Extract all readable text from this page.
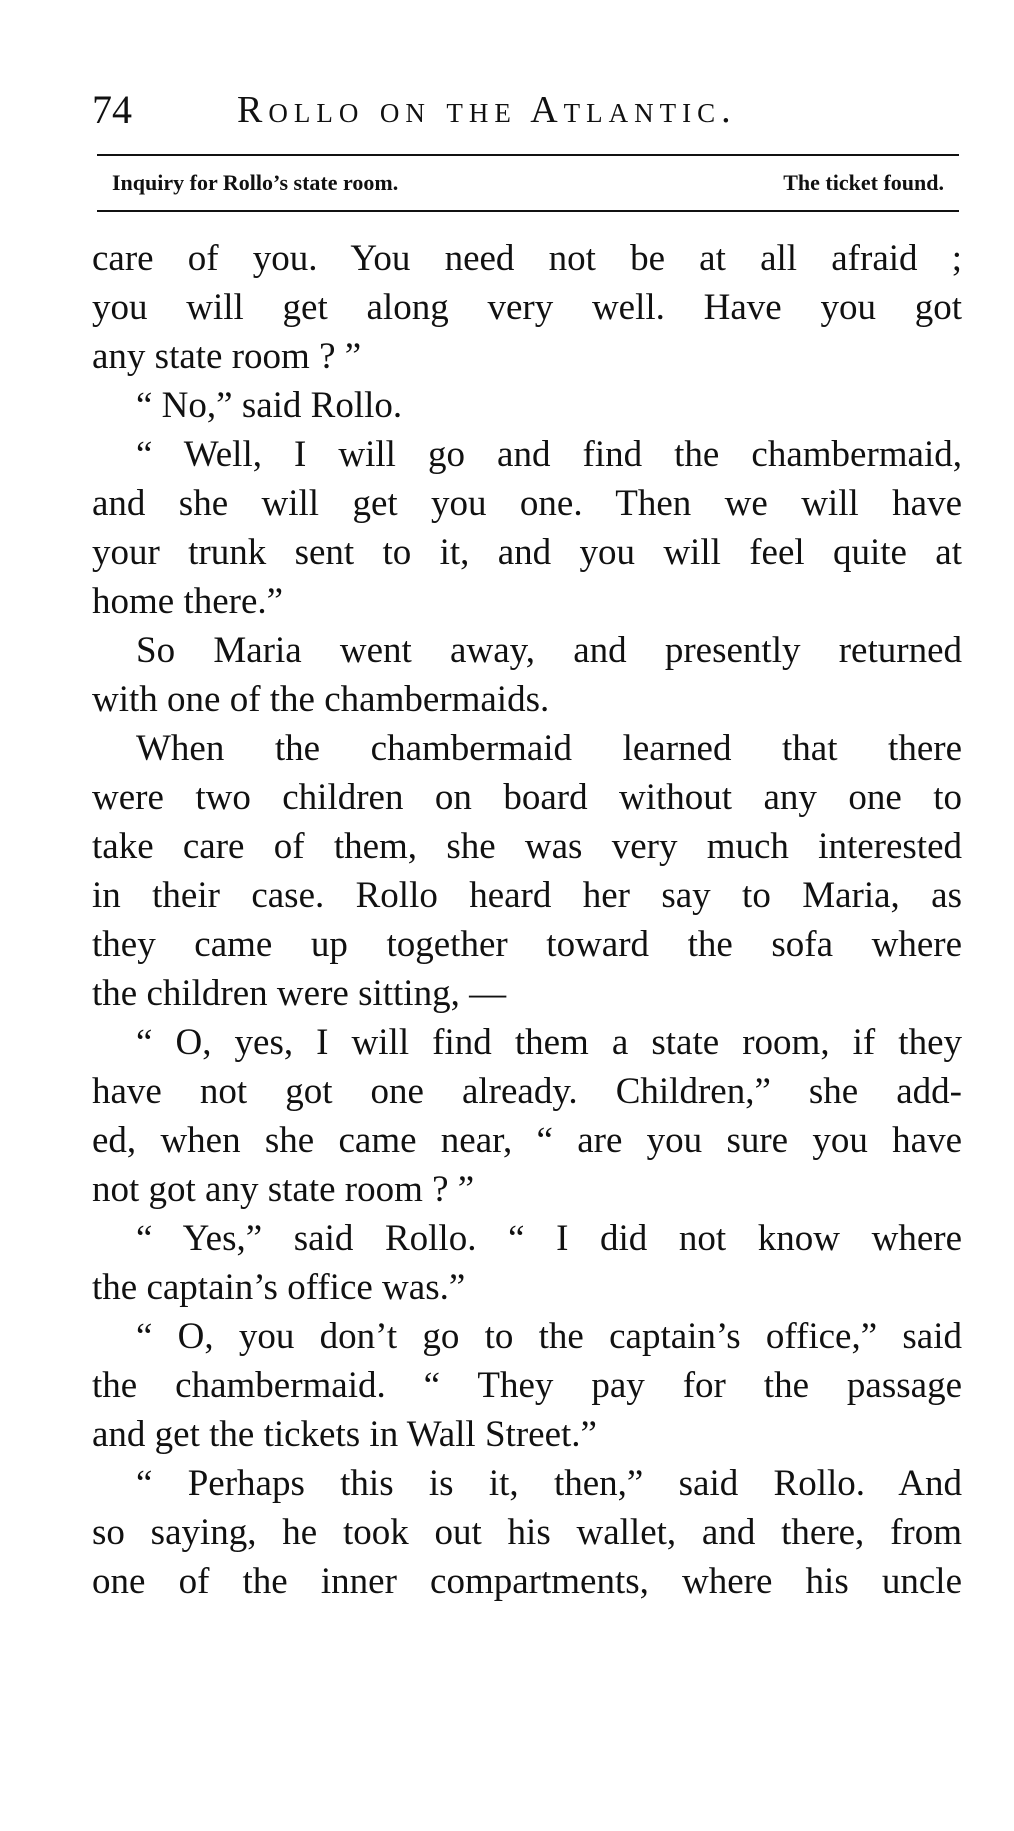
74	Rollo on the Atlantic.
Inquiry for Rollo’s state room.	The ticket found.
care of you. You need not be at all afraid ;
you will get along very well. Have you got
any state room ? ”
“ No,” said Rollo.
“ Well, I will go and find the chambermaid,
and she will get you one. Then we will have
your trunk sent to it, and you will feel quite at
home there.”
So Maria went away, and presently returned
with one of the chambermaids.
When the chambermaid learned that there
were two children on board without any one to
take care of them, she was very much interested
in their case. Rollo heard her say to Maria, as
they came up together toward the sofa where
the children were sitting, —
“ O, yes, I will find them a state room, if they
have not got one already. Children,” she add-
ed, when she came near, “ are you sure you have
not got any state room ? ”
“ Yes,” said Rollo. “ I did not know where
the captain’s office was.”
“ O, you don’t go to the captain’s office,” said
the chambermaid. “ They pay for the passage
and get the tickets in Wall Street.”
“ Perhaps this is it, then,” said Rollo. And
so saying, he took out his wallet, and there, from
one of the inner compartments, where his uncle
